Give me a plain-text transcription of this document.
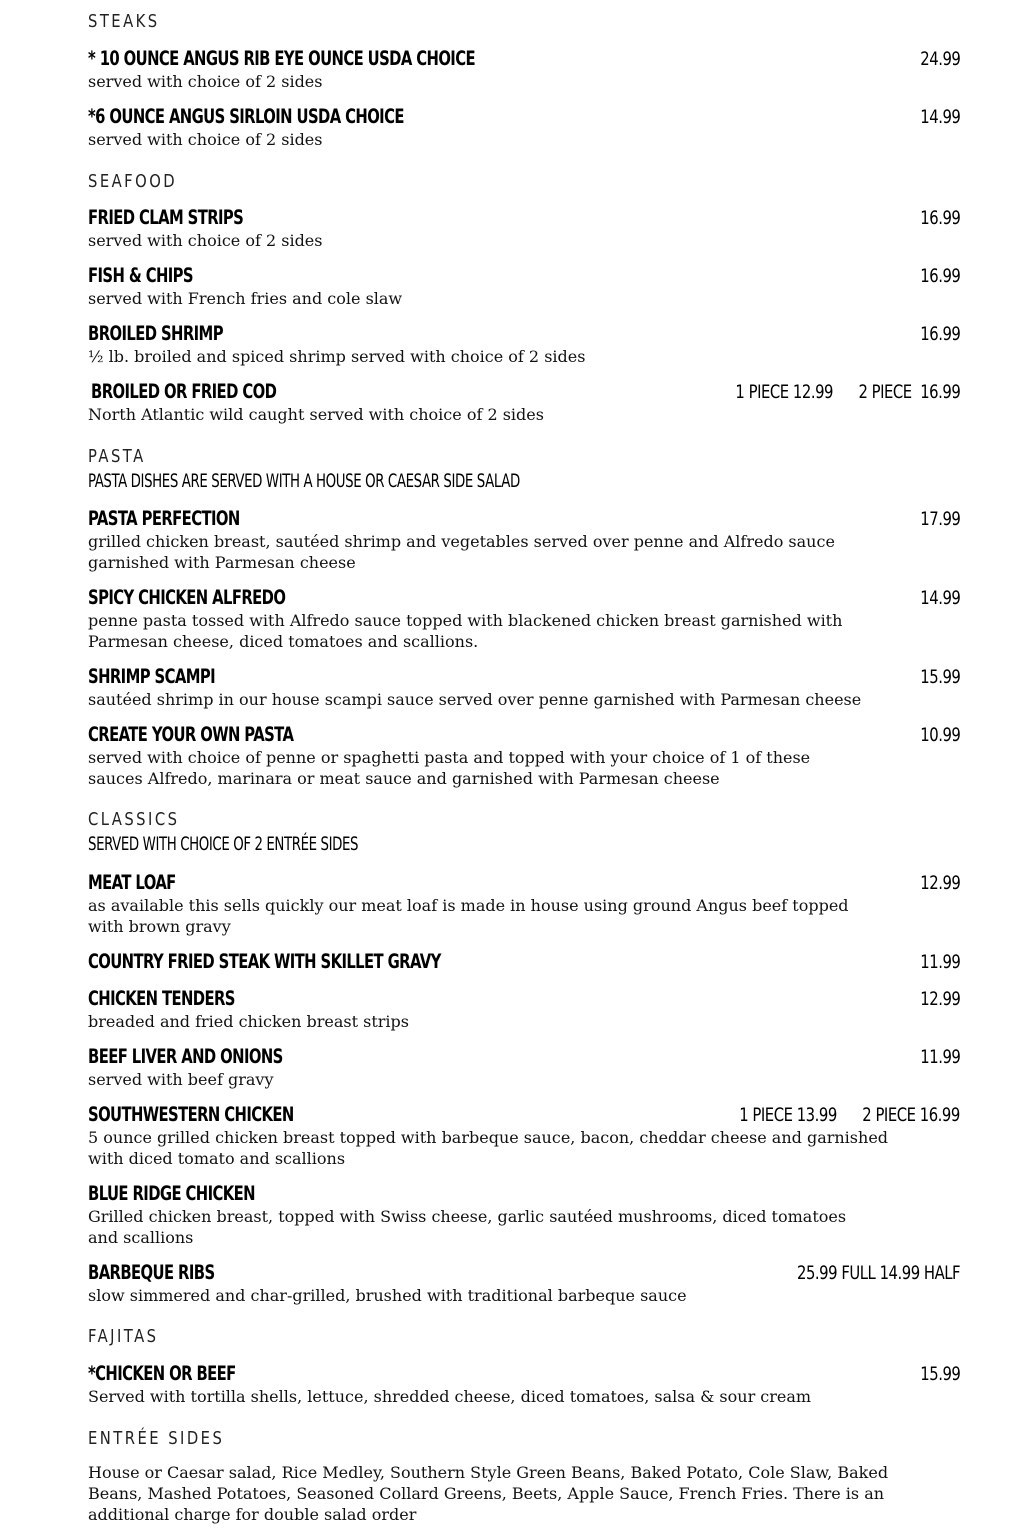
STEAKS
* 10 OUNCE ANGUS RIB EYE OUNCE USDA CHOICE	24.99
served with choice of 2 sides
*6 OUNCE ANGUS SIRLOIN USDA CHOICE	14.99
served with choice of 2 sides
SEAFOOD
FRIED CLAM STRIPS	16.99
served with choice of 2 sides
FISH & CHIPS	16.99
served with French fries and cole slaw
BROILED SHRIMP	16.99
½ lb. broiled and spiced shrimp served with choice of 2 sides
BROILED OR FRIED COD	1 PIECE 12.99      2 PIECE  16.99
North Atlantic wild caught served with choice of 2 sides
PASTA
PASTA DISHES ARE SERVED WITH A HOUSE OR CAESAR SIDE SALAD
PASTA PERFECTION	17.99
grilled chicken breast, sautéed shrimp and vegetables served over penne and Alfredo sauce garnished with Parmesan cheese
SPICY CHICKEN ALFREDO	14.99
penne pasta tossed with Alfredo sauce topped with blackened chicken breast garnished with Parmesan cheese, diced tomatoes and scallions.
SHRIMP SCAMPI	15.99
sautéed shrimp in our house scampi sauce served over penne garnished with Parmesan cheese
CREATE YOUR OWN PASTA	10.99
served with choice of penne or spaghetti pasta and topped with your choice of 1 of these sauces Alfredo, marinara or meat sauce and garnished with Parmesan cheese
CLASSICS
SERVED WITH CHOICE OF 2 ENTRÉE SIDES
MEAT LOAF	12.99
as available this sells quickly our meat loaf is made in house using ground Angus beef topped with brown gravy
COUNTRY FRIED STEAK WITH SKILLET GRAVY	11.99
CHICKEN TENDERS	12.99
breaded and fried chicken breast strips
BEEF LIVER AND ONIONS	11.99
served with beef gravy
SOUTHWESTERN CHICKEN	1 PIECE 13.99      2 PIECE 16.99
5 ounce grilled chicken breast topped with barbeque sauce, bacon, cheddar cheese and garnished with diced tomato and scallions
BLUE RIDGE CHICKEN
Grilled chicken breast, topped with Swiss cheese, garlic sautéed mushrooms, diced tomatoes and scallions
BARBEQUE RIBS	25.99 FULL 14.99 HALF
slow simmered and char-grilled, brushed with traditional barbeque sauce
FAJITAS
*CHICKEN OR BEEF	15.99
Served with tortilla shells, lettuce, shredded cheese, diced tomatoes, salsa & sour cream
ENTRÉE SIDES
House or Caesar salad, Rice Medley, Southern Style Green Beans, Baked Potato, Cole Slaw, Baked Beans, Mashed Potatoes, Seasoned Collard Greens, Beets, Apple Sauce, French Fries. There is an additional charge for double salad order
